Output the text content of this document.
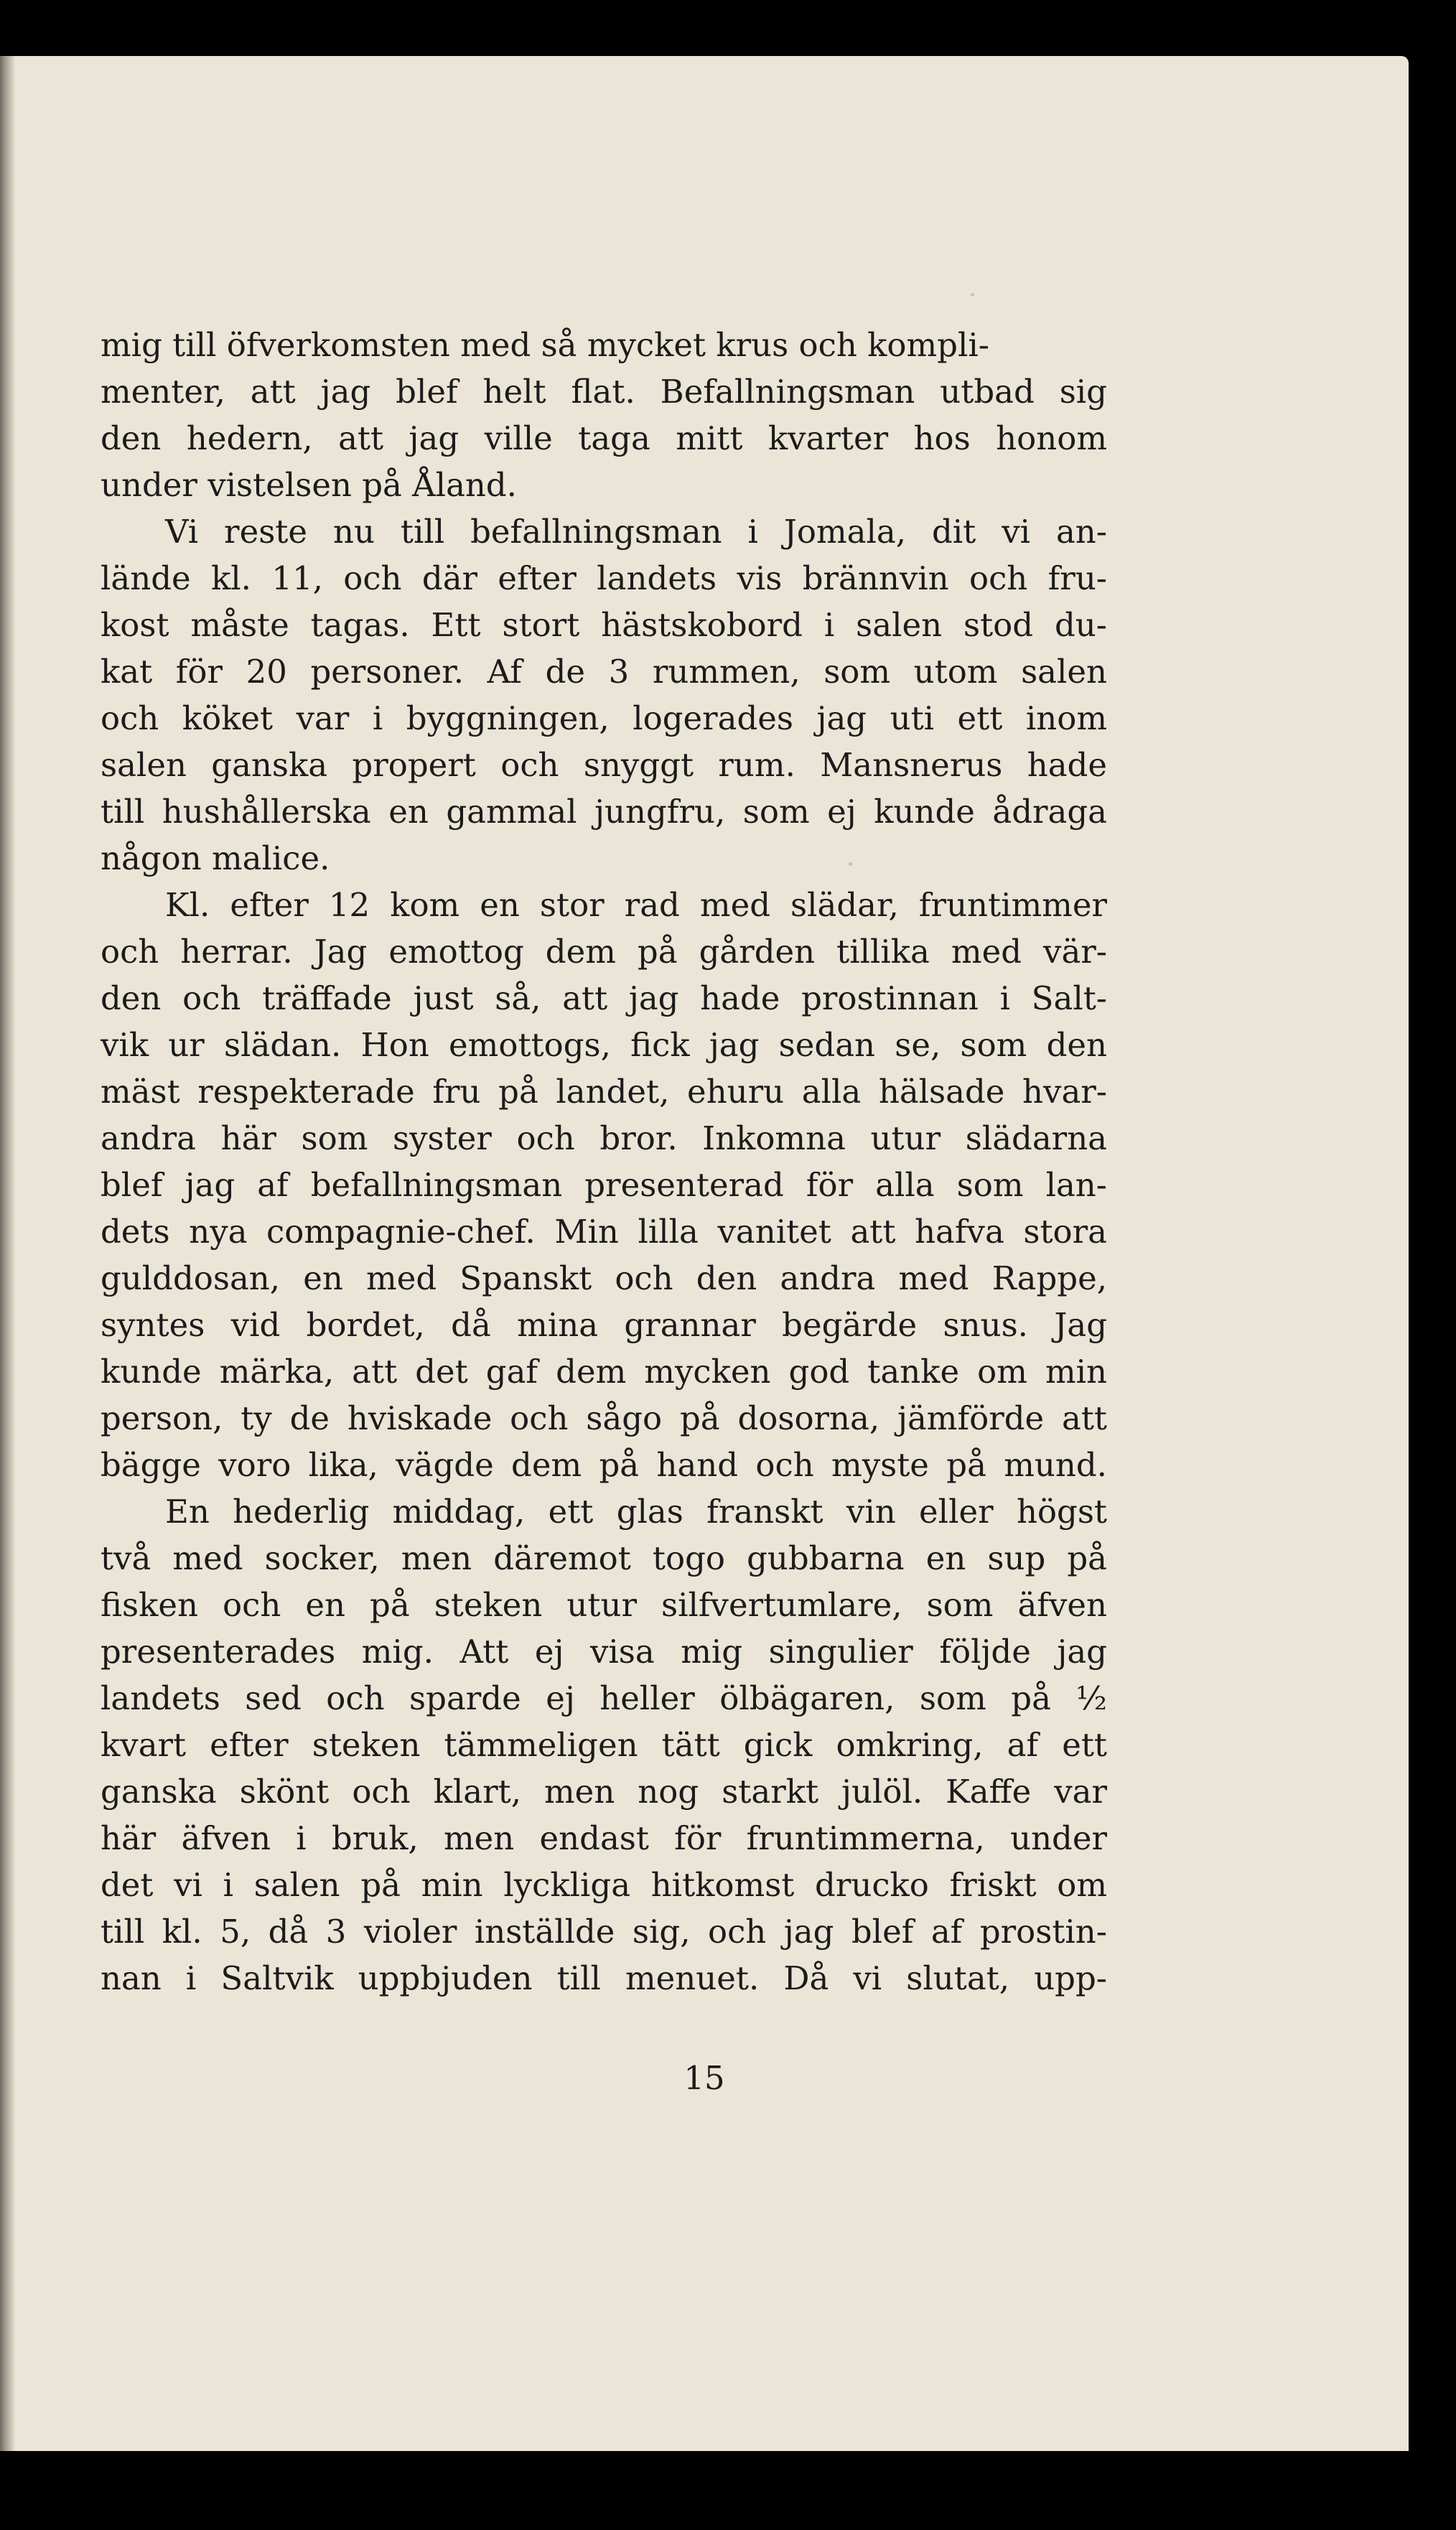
mig till öfverkomsten med så mycket krus och kompli-
menter, att jag blef helt flat. Befallningsman utbad sig
den hedern, att jag ville taga mitt kvarter hos honom
under vistelsen på Åland.
Vi reste nu till befallningsman i Jomala, dit vi an-
lände kl. 11, och där efter landets vis brännvin och fru-
kost måste tagas. Ett stort hästskobord i salen stod du-
kat för 20 personer. Af de 3 rummen, som utom salen
och köket var i byggningen, logerades jag uti ett inom
salen ganska propert och snyggt rum. Mansnerus hade
till hushållerska en gammal jungfru, som ej kunde ådraga
någon malice.
Kl. efter 12 kom en stor rad med slädar, fruntimmer
och herrar. Jag emottog dem på gården tillika med vär-
den och träffade just så, att jag hade prostinnan i Salt-
vik ur slädan. Hon emottogs, fick jag sedan se, som den
mäst respekterade fru på landet, ehuru alla hälsade hvar-
andra här som syster och bror. Inkomna utur slädarna
blef jag af befallningsman presenterad för alla som lan-
dets nya compagnie-chef. Min lilla vanitet att hafva stora
gulddosan, en med Spanskt och den andra med Rappe,
syntes vid bordet, då mina grannar begärde snus. Jag
kunde märka, att det gaf dem mycken god tanke om min
person, ty de hviskade och sågo på dosorna, jämförde att
bägge voro lika, vägde dem på hand och myste på mund.
En hederlig middag, ett glas franskt vin eller högst
två med socker, men däremot togo gubbarna en sup på
fisken och en på steken utur silfvertumlare, som äfven
presenterades mig. Att ej visa mig singulier följde jag
landets sed och sparde ej heller ölbägaren, som på ½
kvart efter steken tämmeligen tätt gick omkring, af ett
ganska skönt och klart, men nog starkt julöl. Kaffe var
här äfven i bruk, men endast för fruntimmerna, under
det vi i salen på min lyckliga hitkomst drucko friskt om
till kl. 5, då 3 violer inställde sig, och jag blef af prostin-
nan i Saltvik uppbjuden till menuet. Då vi slutat, upp-
15
